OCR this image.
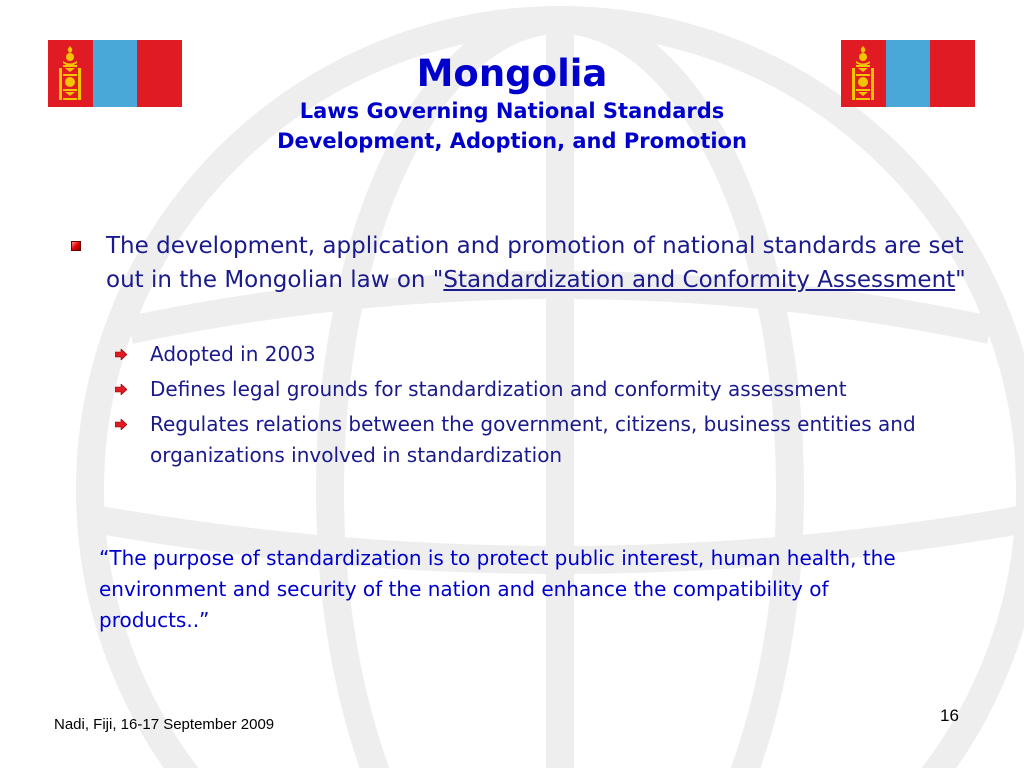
Mongolia
Laws Governing National Standards
Development, Adoption, and Promotion
The development, application and promotion of national standards are set out in the Mongolian law on "Standardization and Conformity Assessment"
Adopted in 2003
Defines legal grounds for standardization and conformity assessment
Regulates relations between the government, citizens, business entities and organizations involved in standardization
“The purpose of standardization is to protect public interest, human health, the environment and security of the nation and enhance the compatibility of products..”
Nadi, Fiji, 16-17 September 2009	16
